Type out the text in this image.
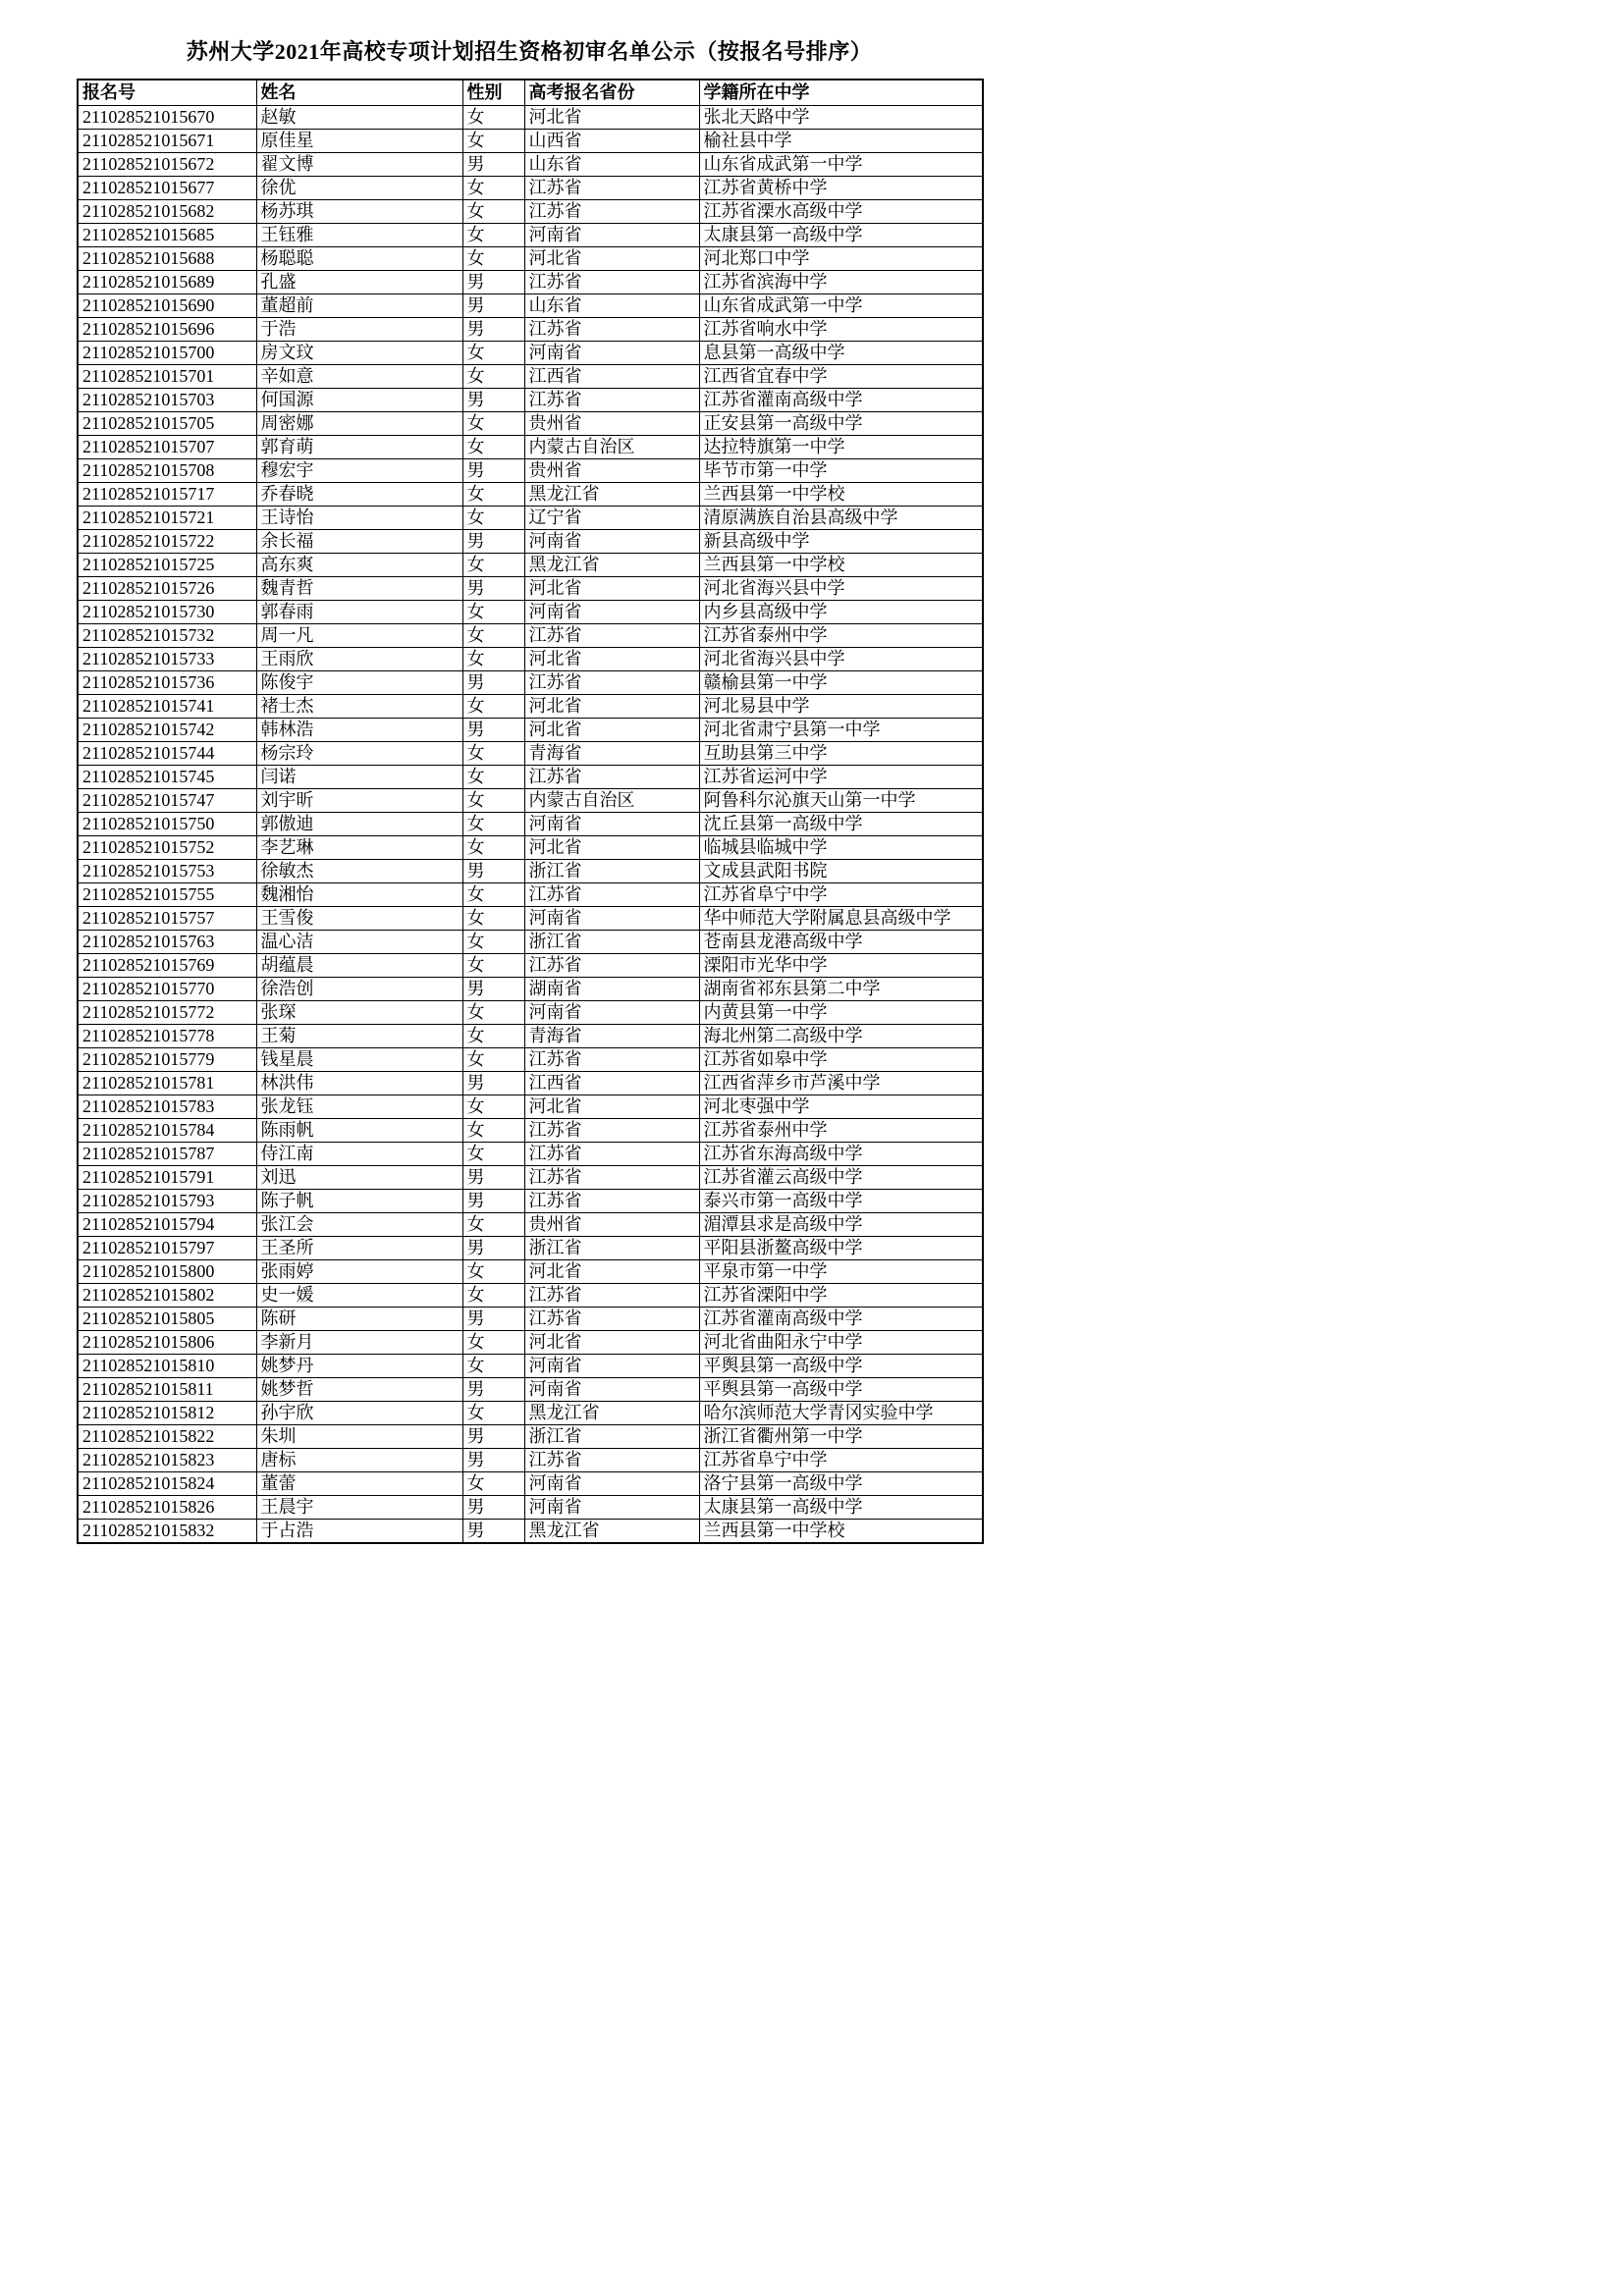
苏州大学2021年高校专项计划招生资格初审名单公示（按报名号排序）
报名号	姓名	性别	高考报名省份	学籍所在中学
211028521015670	赵敏	女	河北省	张北天路中学
211028521015671	原佳星	女	山西省	榆社县中学
211028521015672	翟文博	男	山东省	山东省成武第一中学
211028521015677	徐优	女	江苏省	江苏省黄桥中学
211028521015682	杨苏琪	女	江苏省	江苏省溧水高级中学
211028521015685	王钰雅	女	河南省	太康县第一高级中学
211028521015688	杨聪聪	女	河北省	河北郑口中学
211028521015689	孔盛	男	江苏省	江苏省滨海中学
211028521015690	董超前	男	山东省	山东省成武第一中学
211028521015696	于浩	男	江苏省	江苏省响水中学
211028521015700	房文玟	女	河南省	息县第一高级中学
211028521015701	辛如意	女	江西省	江西省宜春中学
211028521015703	何国源	男	江苏省	江苏省灌南高级中学
211028521015705	周密娜	女	贵州省	正安县第一高级中学
211028521015707	郭育萌	女	内蒙古自治区	达拉特旗第一中学
211028521015708	穆宏宇	男	贵州省	毕节市第一中学
211028521015717	乔春晓	女	黑龙江省	兰西县第一中学校
211028521015721	王诗怡	女	辽宁省	清原满族自治县高级中学
211028521015722	余长福	男	河南省	新县高级中学
211028521015725	高东爽	女	黑龙江省	兰西县第一中学校
211028521015726	魏青哲	男	河北省	河北省海兴县中学
211028521015730	郭春雨	女	河南省	内乡县高级中学
211028521015732	周一凡	女	江苏省	江苏省泰州中学
211028521015733	王雨欣	女	河北省	河北省海兴县中学
211028521015736	陈俊宇	男	江苏省	赣榆县第一中学
211028521015741	褚士杰	女	河北省	河北易县中学
211028521015742	韩林浩	男	河北省	河北省肃宁县第一中学
211028521015744	杨宗玲	女	青海省	互助县第三中学
211028521015745	闫诺	女	江苏省	江苏省运河中学
211028521015747	刘宇昕	女	内蒙古自治区	阿鲁科尔沁旗天山第一中学
211028521015750	郭傲迪	女	河南省	沈丘县第一高级中学
211028521015752	李艺琳	女	河北省	临城县临城中学
211028521015753	徐敏杰	男	浙江省	文成县武阳书院
211028521015755	魏湘怡	女	江苏省	江苏省阜宁中学
211028521015757	王雪俊	女	河南省	华中师范大学附属息县高级中学
211028521015763	温心洁	女	浙江省	苍南县龙港高级中学
211028521015769	胡蕴晨	女	江苏省	溧阳市光华中学
211028521015770	徐浩创	男	湖南省	湖南省祁东县第二中学
211028521015772	张琛	女	河南省	内黄县第一中学
211028521015778	王菊	女	青海省	海北州第二高级中学
211028521015779	钱星晨	女	江苏省	江苏省如皋中学
211028521015781	林洪伟	男	江西省	江西省萍乡市芦溪中学
211028521015783	张龙钰	女	河北省	河北枣强中学
211028521015784	陈雨帆	女	江苏省	江苏省泰州中学
211028521015787	侍江南	女	江苏省	江苏省东海高级中学
211028521015791	刘迅	男	江苏省	江苏省灌云高级中学
211028521015793	陈子帆	男	江苏省	泰兴市第一高级中学
211028521015794	张江会	女	贵州省	湄潭县求是高级中学
211028521015797	王圣所	男	浙江省	平阳县浙鳌高级中学
211028521015800	张雨婷	女	河北省	平泉市第一中学
211028521015802	史一媛	女	江苏省	江苏省溧阳中学
211028521015805	陈研	男	江苏省	江苏省灌南高级中学
211028521015806	李新月	女	河北省	河北省曲阳永宁中学
211028521015810	姚梦丹	女	河南省	平舆县第一高级中学
211028521015811	姚梦哲	男	河南省	平舆县第一高级中学
211028521015812	孙宇欣	女	黑龙江省	哈尔滨师范大学青冈实验中学
211028521015822	朱圳	男	浙江省	浙江省衢州第一中学
211028521015823	唐标	男	江苏省	江苏省阜宁中学
211028521015824	董蕾	女	河南省	洛宁县第一高级中学
211028521015826	王晨宇	男	河南省	太康县第一高级中学
211028521015832	于占浩	男	黑龙江省	兰西县第一中学校
